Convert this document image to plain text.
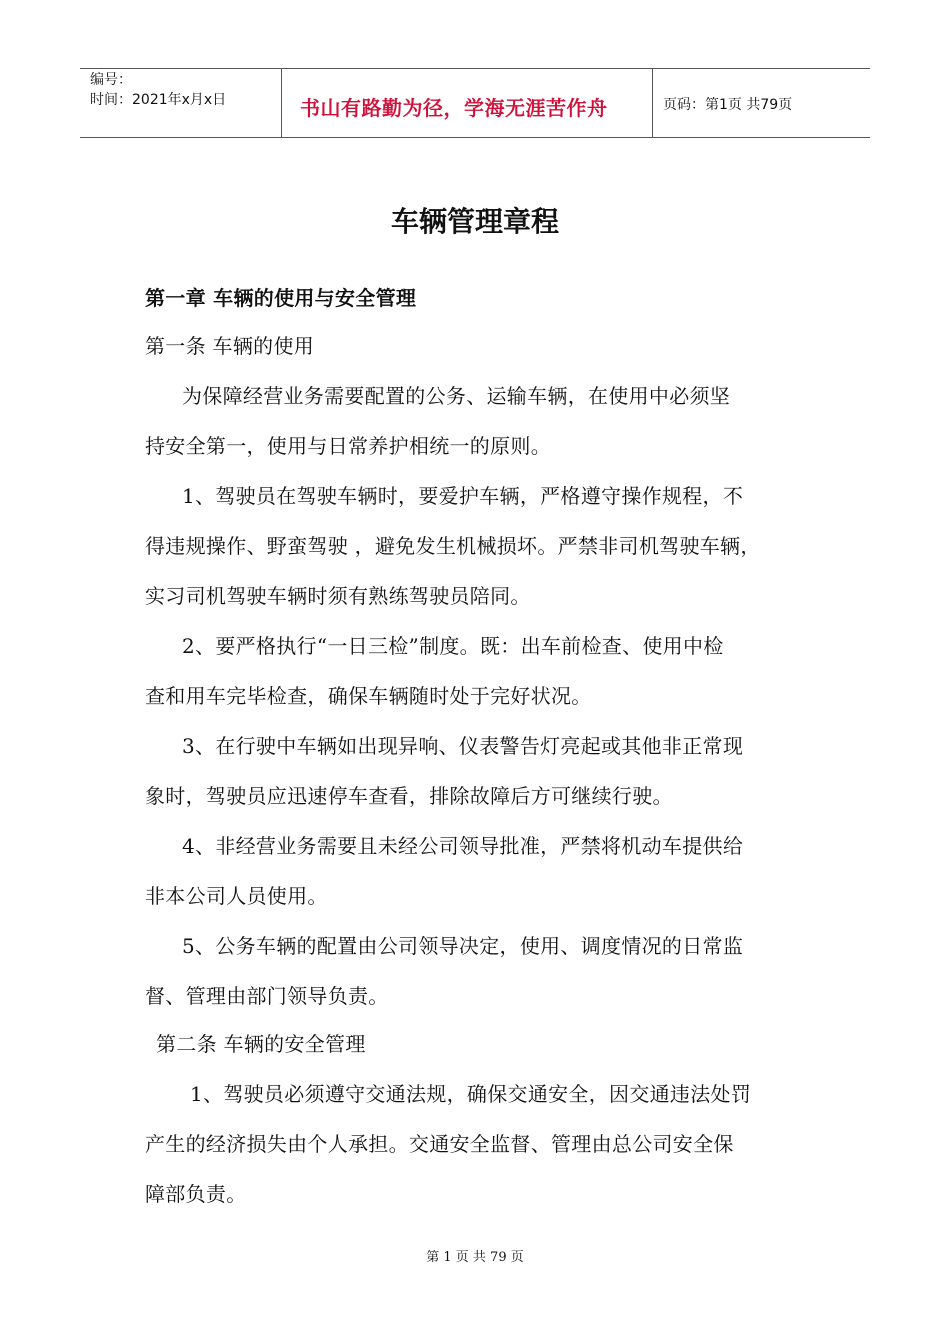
编号：
时间：2021年x月x日	书山有路勤为径，学海无涯苦作舟	页码：第1页 共79页
车辆管理章程
第一章 车辆的使用与安全管理
第一条 车辆的使用
为保障经营业务需要配置的公务、运输车辆，在使用中必须坚
持安全第一，使用与日常养护相统一的原则。
1、驾驶员在驾驶车辆时，要爱护车辆，严格遵守操作规程，不
得违规操作、野蛮驾驶 ，避免发生机械损坏。严禁非司机驾驶车辆，
实习司机驾驶车辆时须有熟练驾驶员陪同。
2、要严格执行“一日三检”制度。既：出车前检查、使用中检
查和用车完毕检查，确保车辆随时处于完好状况。
3、在行驶中车辆如出现异响、仪表警告灯亮起或其他非正常现
象时，驾驶员应迅速停车查看，排除故障后方可继续行驶。
4、非经营业务需要且未经公司领导批准，严禁将机动车提供给
非本公司人员使用。
5、公务车辆的配置由公司领导决定，使用、调度情况的日常监
督、管理由部门领导负责。
第二条 车辆的安全管理
1、驾驶员必须遵守交通法规，确保交通安全，因交通违法处罚
产生的经济损失由个人承担。交通安全监督、管理由总公司安全保
障部负责。
第 1 页 共 79 页
